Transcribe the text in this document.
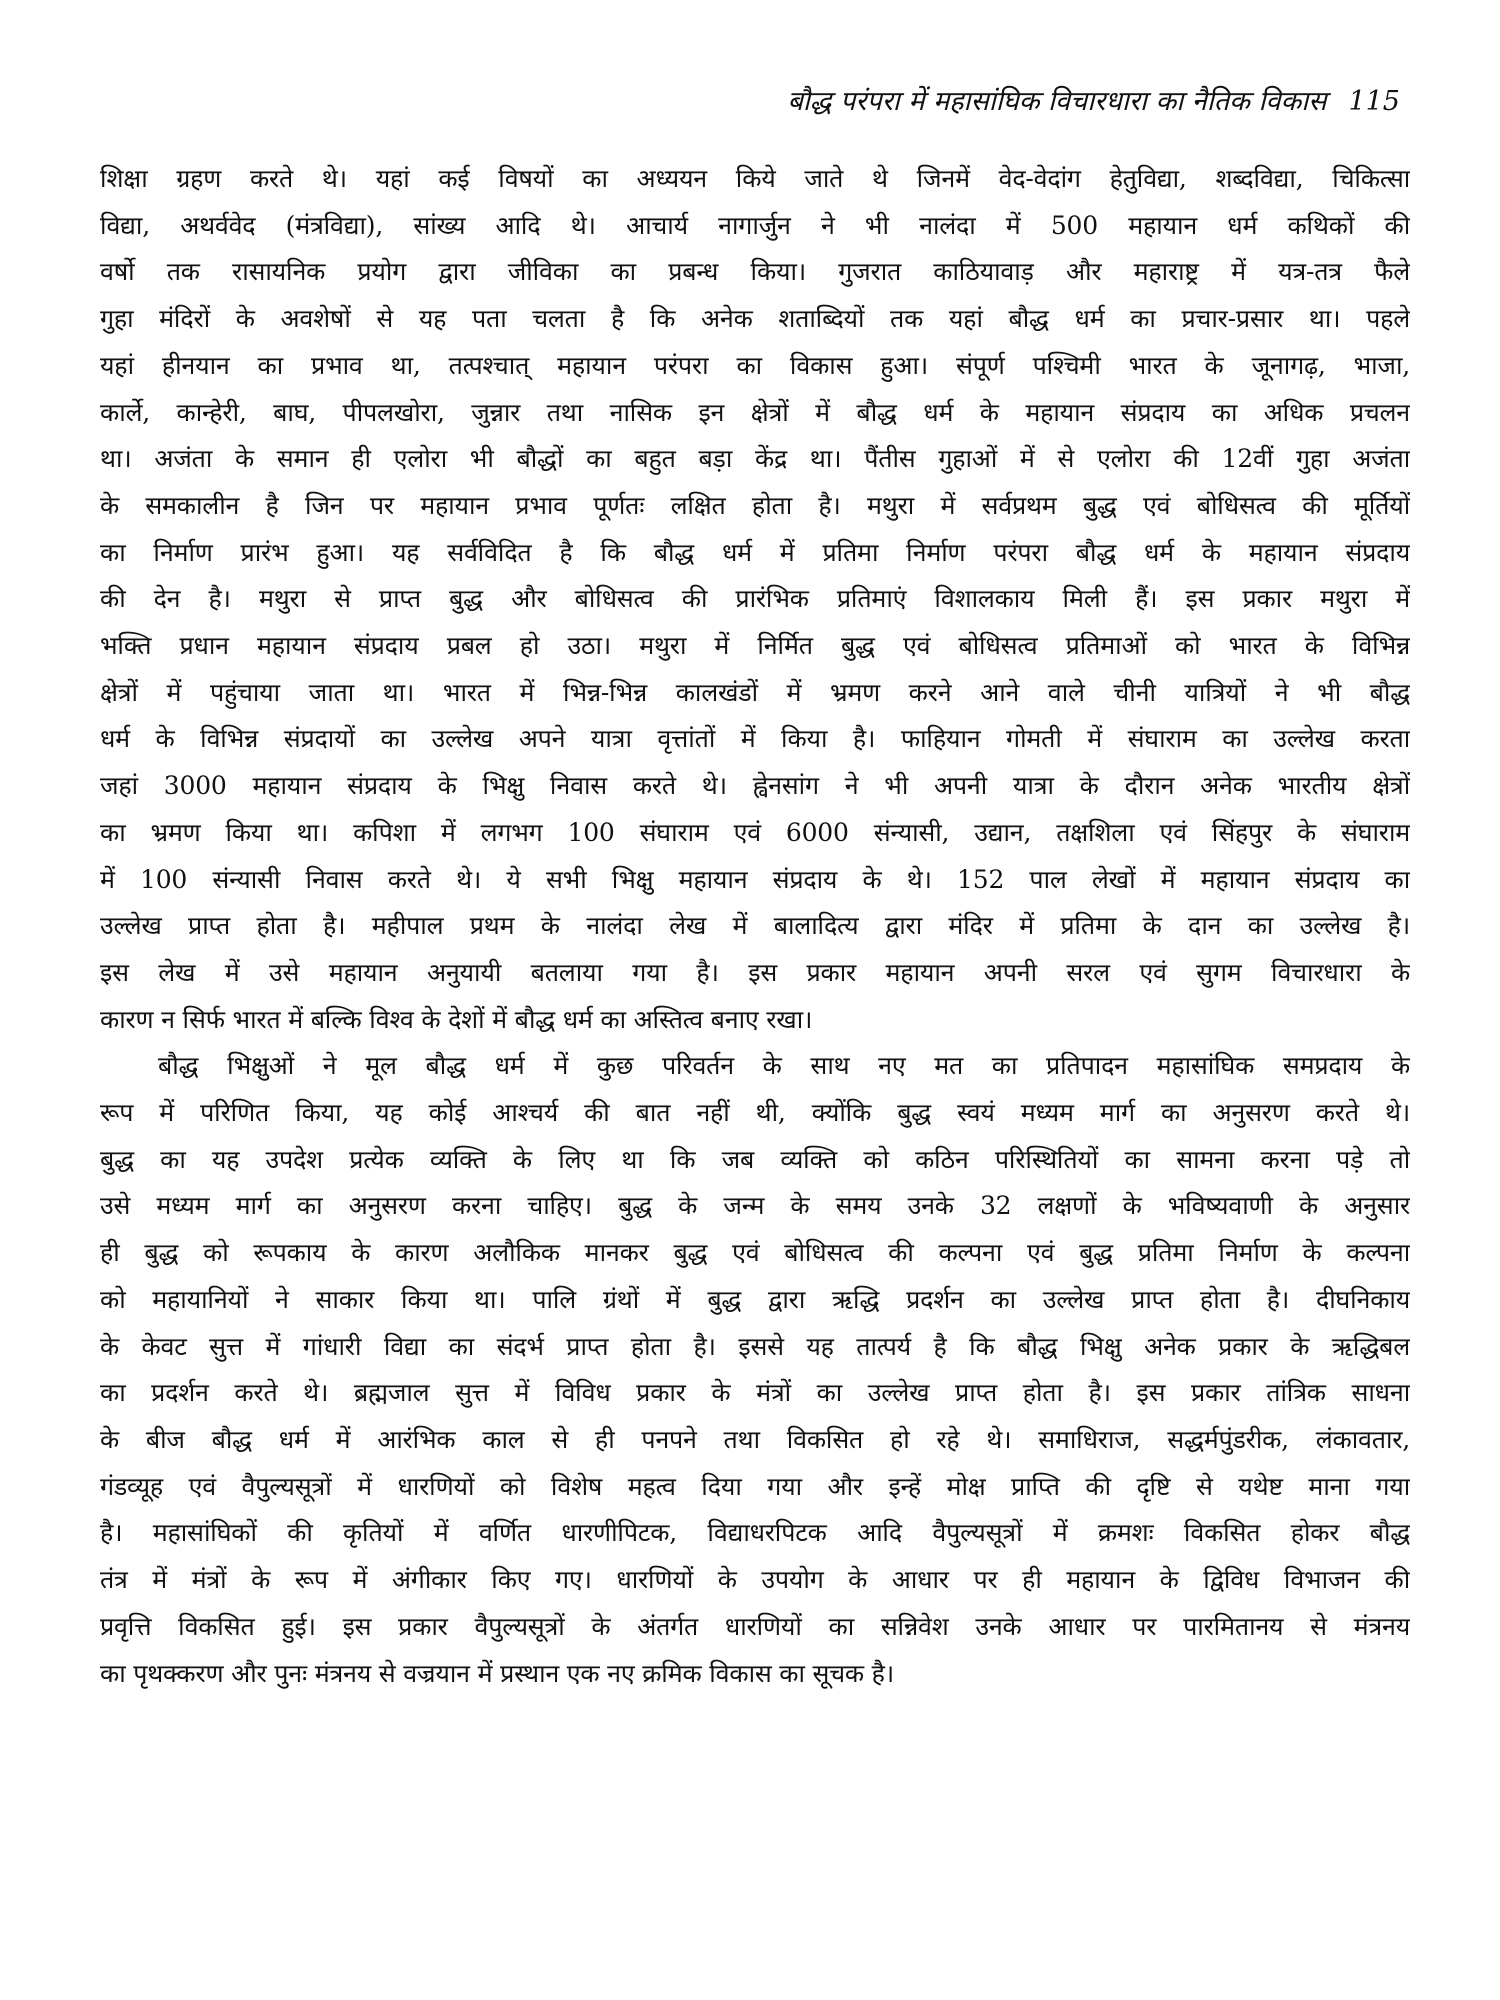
बौद्ध परंपरा में महासांघिक विचारधारा का नैतिक विकास 115
शिक्षा ग्रहण करते थे। यहां कई विषयों का अध्ययन किये जाते थे जिनमें वेद-वेदांग हेतुविद्या, शब्दविद्या, चिकित्सा
विद्या, अथर्ववेद (मंत्रविद्या), सांख्य आदि थे। आचार्य नागार्जुन ने भी नालंदा में 500 महायान धर्म कथिकों की
वर्षो तक रासायनिक प्रयोग द्वारा जीविका का प्रबन्ध किया। गुजरात काठियावाड़ और महाराष्ट्र में यत्र-तत्र फैले
गुहा मंदिरों के अवशेषों से यह पता चलता है कि अनेक शताब्दियों तक यहां बौद्ध धर्म का प्रचार-प्रसार था। पहले
यहां हीनयान का प्रभाव था, तत्पश्चात् महायान परंपरा का विकास हुआ। संपूर्ण पश्चिमी भारत के जूनागढ़, भाजा,
कार्ले, कान्हेरी, बाघ, पीपलखोरा, जुन्नार तथा नासिक इन क्षेत्रों में बौद्ध धर्म के महायान संप्रदाय का अधिक प्रचलन
था। अजंता के समान ही एलोरा भी बौद्धों का बहुत बड़ा केंद्र था। पैंतीस गुहाओं में से एलोरा की 12वीं गुहा अजंता
के समकालीन है जिन पर महायान प्रभाव पूर्णतः लक्षित होता है। मथुरा में सर्वप्रथम बुद्ध एवं बोधिसत्व की मूर्तियों
का निर्माण प्रारंभ हुआ। यह सर्वविदित है कि बौद्ध धर्म में प्रतिमा निर्माण परंपरा बौद्ध धर्म के महायान संप्रदाय
की देन है। मथुरा से प्राप्त बुद्ध और बोधिसत्व की प्रारंभिक प्रतिमाएं विशालकाय मिली हैं। इस प्रकार मथुरा में
भक्ति प्रधान महायान संप्रदाय प्रबल हो उठा। मथुरा में निर्मित बुद्ध एवं बोधिसत्व प्रतिमाओं को भारत के विभिन्न
क्षेत्रों में पहुंचाया जाता था। भारत में भिन्न-भिन्न कालखंडों में भ्रमण करने आने वाले चीनी यात्रियों ने भी बौद्ध
धर्म के विभिन्न संप्रदायों का उल्लेख अपने यात्रा वृत्तांतों में किया है। फाहियान गोमती में संघाराम का उल्लेख करता
जहां 3000 महायान संप्रदाय के भिक्षु निवास करते थे। ह्वेनसांग ने भी अपनी यात्रा के दौरान अनेक भारतीय क्षेत्रों
का भ्रमण किया था। कपिशा में लगभग 100 संघाराम एवं 6000 संन्यासी, उद्यान, तक्षशिला एवं सिंहपुर के संघाराम
में 100 संन्यासी निवास करते थे। ये सभी भिक्षु महायान संप्रदाय के थे। 152 पाल लेखों में महायान संप्रदाय का
उल्लेख प्राप्त होता है। महीपाल प्रथम के नालंदा लेख में बालादित्य द्वारा मंदिर में प्रतिमा के दान का उल्लेख है।
इस लेख में उसे महायान अनुयायी बतलाया गया है। इस प्रकार महायान अपनी सरल एवं सुगम विचारधारा के
कारण न सिर्फ भारत में बल्कि विश्व के देशों में बौद्ध धर्म का अस्तित्व बनाए रखा।
बौद्ध भिक्षुओं ने मूल बौद्ध धर्म में कुछ परिवर्तन के साथ नए मत का प्रतिपादन महासांघिक समप्रदाय के
रूप में परिणित किया, यह कोई आश्चर्य की बात नहीं थी, क्योंकि बुद्ध स्वयं मध्यम मार्ग का अनुसरण करते थे।
बुद्ध का यह उपदेश प्रत्येक व्यक्ति के लिए था कि जब व्यक्ति को कठिन परिस्थितियों का सामना करना पड़े तो
उसे मध्यम मार्ग का अनुसरण करना चाहिए। बुद्ध के जन्म के समय उनके 32 लक्षणों के भविष्यवाणी के अनुसार
ही बुद्ध को रूपकाय के कारण अलौकिक मानकर बुद्ध एवं बोधिसत्व की कल्पना एवं बुद्ध प्रतिमा निर्माण के कल्पना
को महायानियों ने साकार किया था। पालि ग्रंथों में बुद्ध द्वारा ऋद्धि प्रदर्शन का उल्लेख प्राप्त होता है। दीघनिकाय
के केवट सुत्त में गांधारी विद्या का संदर्भ प्राप्त होता है। इससे यह तात्पर्य है कि बौद्ध भिक्षु अनेक प्रकार के ऋद्धिबल
का प्रदर्शन करते थे। ब्रह्मजाल सुत्त में विविध प्रकार के मंत्रों का उल्लेख प्राप्त होता है। इस प्रकार तांत्रिक साधना
के बीज बौद्ध धर्म में आरंभिक काल से ही पनपने तथा विकसित हो रहे थे। समाधिराज, सद्धर्मपुंडरीक, लंकावतार,
गंडव्यूह एवं वैपुल्यसूत्रों में धारणियों को विशेष महत्व दिया गया और इन्हें मोक्ष प्राप्ति की दृष्टि से यथेष्ट माना गया
है। महासांघिकों की कृतियों में वर्णित धारणीपिटक, विद्याधरपिटक आदि वैपुल्यसूत्रों में क्रमशः विकसित होकर बौद्ध
तंत्र में मंत्रों के रूप में अंगीकार किए गए। धारणियों के उपयोग के आधार पर ही महायान के द्विविध विभाजन की
प्रवृत्ति विकसित हुई। इस प्रकार वैपुल्यसूत्रों के अंतर्गत धारणियों का सन्निवेश उनके आधार पर पारमितानय से मंत्रनय
का पृथक्करण और पुनः मंत्रनय से वज्रयान में प्रस्थान एक नए क्रमिक विकास का सूचक है।
